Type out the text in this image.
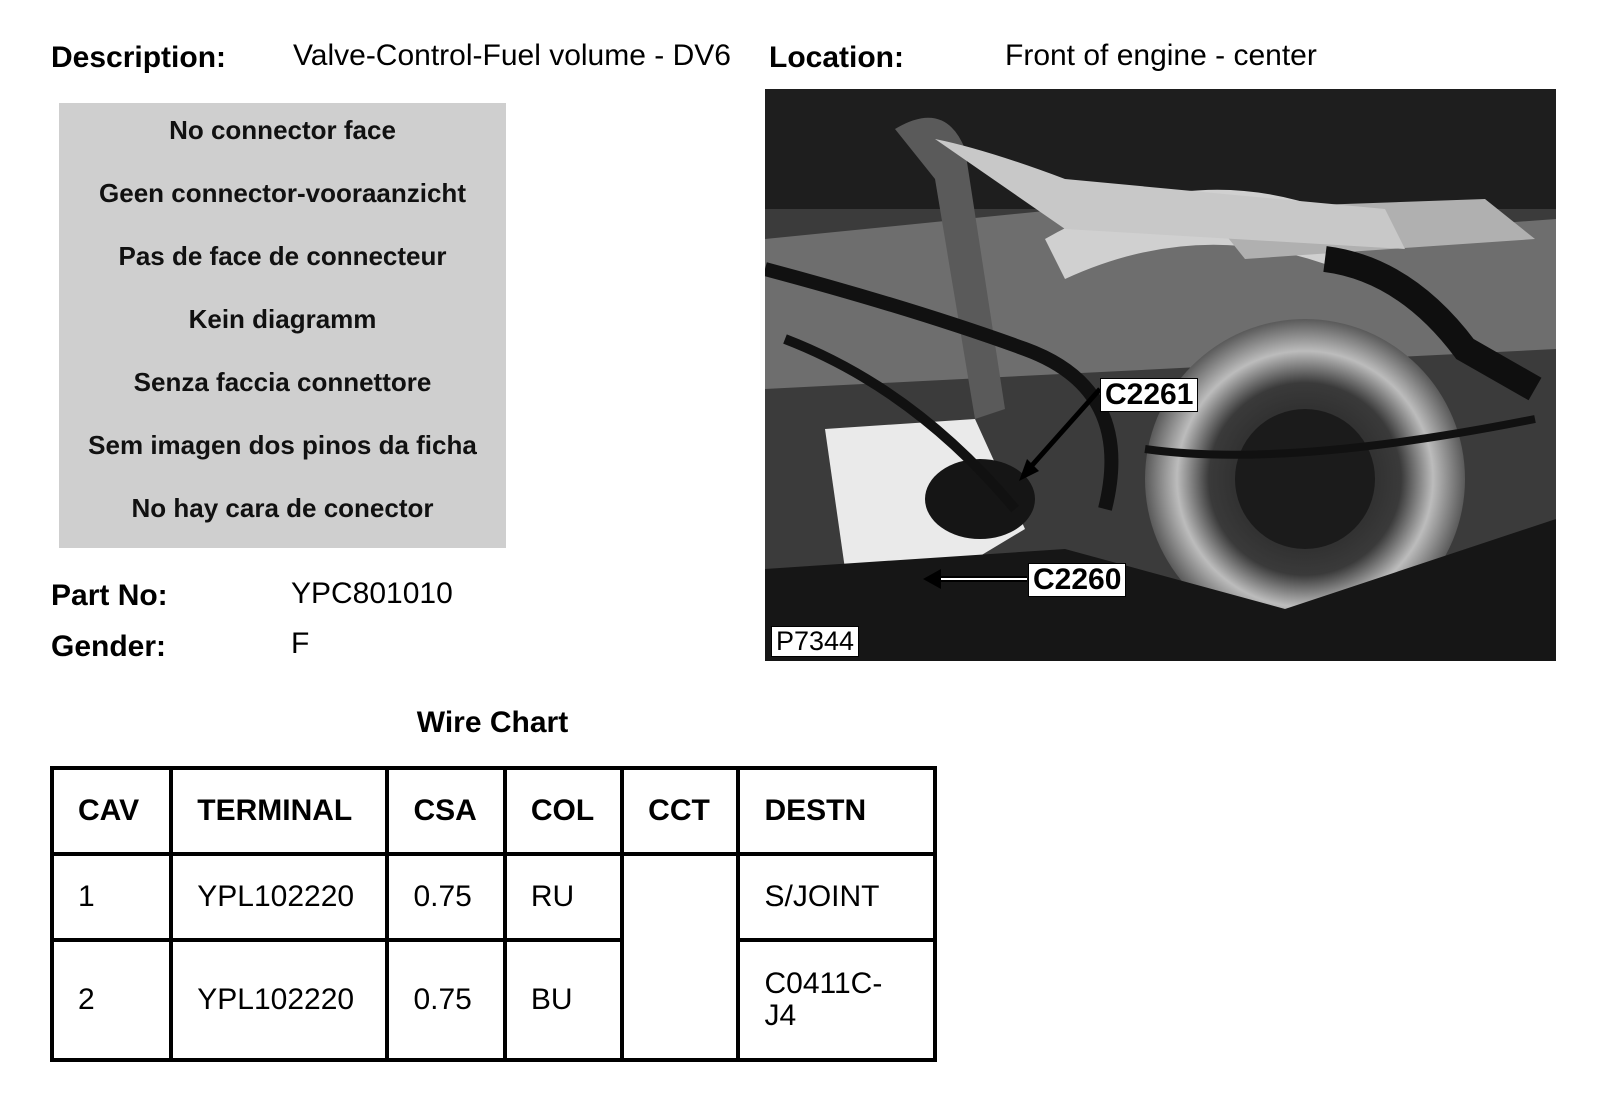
Description: Valve-Control-Fuel volume - DV6 Location:	Front of engine - center
No connector face
Geen connector-vooraanzicht
Pas de face de connecteur
Kein diagramm
Senza faccia connettore
Sem imagen dos pinos da ficha
No hay cara de conector
Part No:	YPC801010
Gender:	F
C2261
C2260
P7344
Wire Chart
CAV	TERMINAL	CSA	COL	CCT	DESTN
1	YPL102220	0.75	RU		S/JOINT
2	YPL102220	0.75	BU		C0411C-J4
